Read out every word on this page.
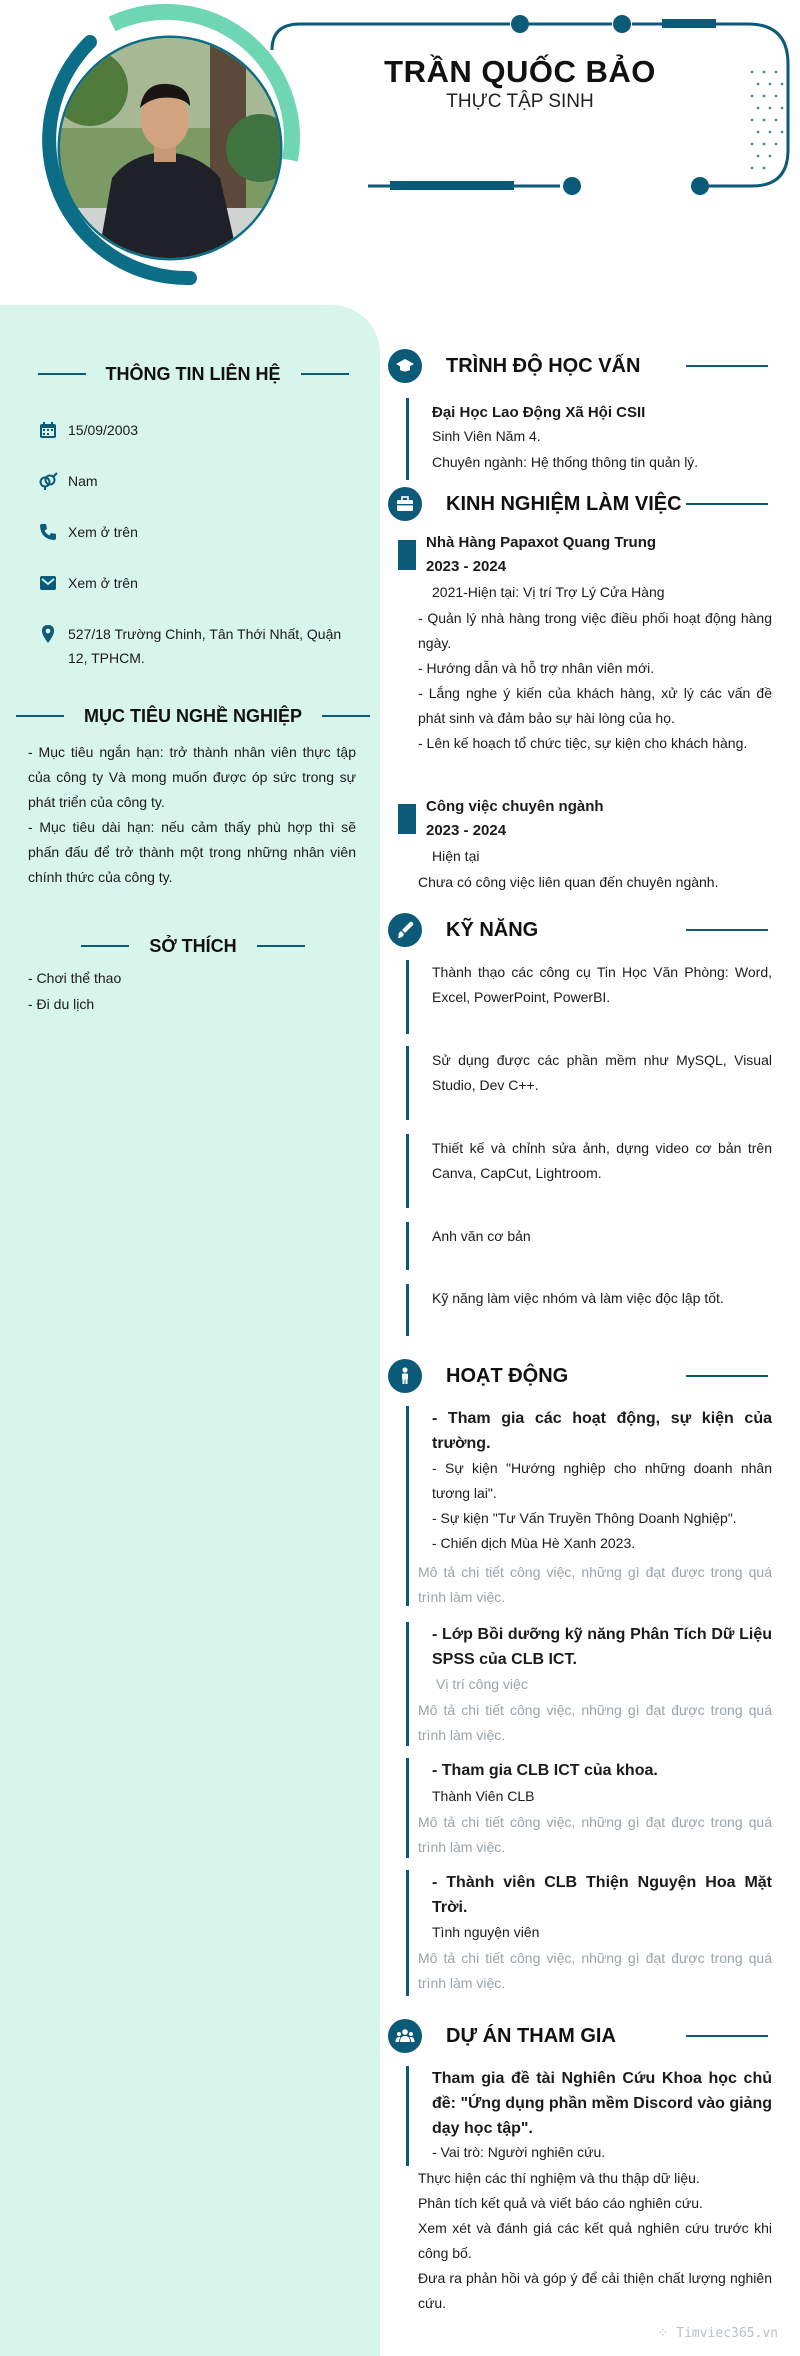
TRẦN QUỐC BẢO
THỰC TẬP SINH
THÔNG TIN LIÊN HỆ
15/09/2003
Nam
Xem ở trên
Xem ở trên
527/18 Trường Chinh, Tân Thới Nhất, Quận 12, TPHCM.
MỤC TIÊU NGHỀ NGHIỆP
- Mục tiêu ngắn hạn: trở thành nhân viên thực tập của công ty Và mong muốn được óp sức trong sự phát triển của công ty.
- Mục tiêu dài hạn: nếu cảm thấy phù hợp thì sẽ phấn đấu để trở thành một trong những nhân viên chính thức của công ty.
SỞ THÍCH
- Chơi thể thao
- Đi du lịch
TRÌNH ĐỘ HỌC VẤN
Đại Học Lao Động Xã Hội CSII
Sinh Viên Năm 4.
Chuyên ngành: Hệ thống thông tin quản lý.
KINH NGHIỆM LÀM VIỆC
Nhà Hàng Papaxot Quang Trung
2023 - 2024
2021-Hiện tại: Vị trí Trợ Lý Cửa Hàng
- Quản lý nhà hàng trong việc điều phối hoạt động hàng ngày.
- Hướng dẫn và hỗ trợ nhân viên mới.
- Lắng nghe ý kiến của khách hàng, xử lý các vấn đề phát sinh và đảm bảo sự hài lòng của họ.
- Lên kế hoạch tổ chức tiệc, sự kiện cho khách hàng.
Công việc chuyên ngành
2023 - 2024
Hiện tại
Chưa có công việc liên quan đến chuyên ngành.
KỸ NĂNG
Thành thạo các công cụ Tin Học Văn Phòng: Word, Excel, PowerPoint, PowerBI.
Sử dụng được các phần mềm như MySQL, Visual Studio, Dev C++.
Thiết kế và chỉnh sửa ảnh, dựng video cơ bản trên Canva, CapCut, Lightroom.
Anh văn cơ bản
Kỹ năng làm việc nhóm và làm việc độc lập tốt.
HOẠT ĐỘNG
- Tham gia các hoạt động, sự kiện của trường.
- Sự kiện "Hướng nghiệp cho những doanh nhân tương lai".
- Sự kiện "Tư Vấn Truyền Thông Doanh Nghiệp".
- Chiến dịch Mùa Hè Xanh 2023.
Mô tả chi tiết công việc, những gì đạt được trong quá trình làm việc.
- Lớp Bồi dưỡng kỹ năng Phân Tích Dữ Liệu SPSS của CLB ICT.
Vị trí công việc
Mô tả chi tiết công việc, những gì đạt được trong quá trình làm việc.
- Tham gia CLB ICT của khoa.
Thành Viên CLB
Mô tả chi tiết công việc, những gì đạt được trong quá trình làm việc.
- Thành viên CLB Thiện Nguyện Hoa Mặt Trời.
Tình nguyện viên
Mô tả chi tiết công việc, những gì đạt được trong quá trình làm việc.
DỰ ÁN THAM GIA
Tham gia đề tài Nghiên Cứu Khoa học chủ đề: "Ứng dụng phần mềm Discord vào giảng dạy học tập".
- Vai trò: Người nghiên cứu.
Thực hiện các thí nghiệm và thu thập dữ liệu.
Phân tích kết quả và viết báo cáo nghiên cứu.
Xem xét và đánh giá các kết quả nghiên cứu trước khi công bố.
Đưa ra phản hồi và góp ý để cải thiện chất lượng nghiên cứu.
⁘ Timviec365.vn
